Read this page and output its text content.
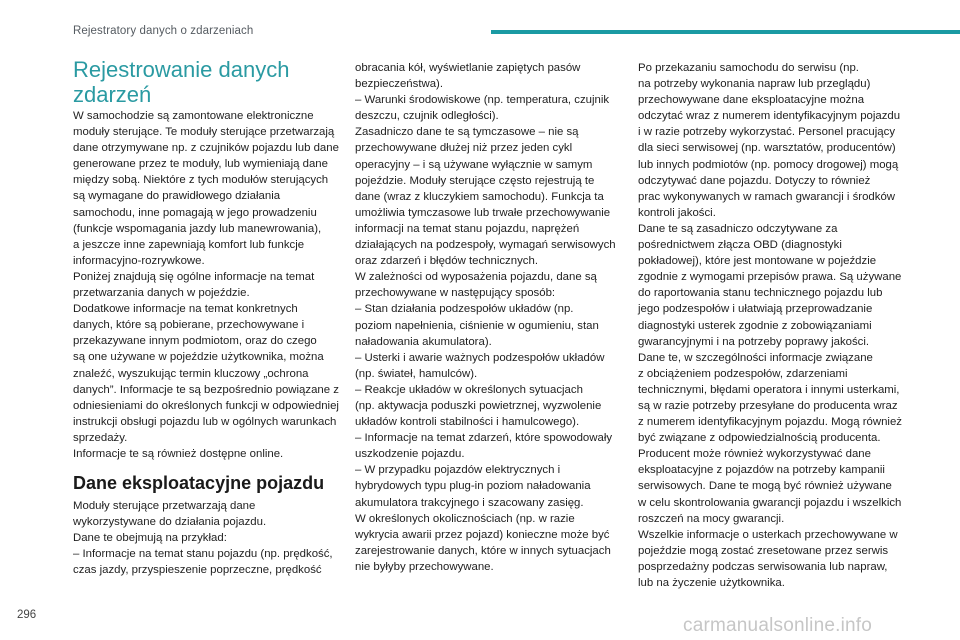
Rejestratory danych o zdarzeniach
Rejestrowanie danych
zdarzeń
W samochodzie są zamontowane elektroniczne
moduły sterujące. Te moduły sterujące przetwarzają
dane otrzymywane np. z czujników pojazdu lub dane
generowane przez te moduły, lub wymieniają dane
między sobą. Niektóre z tych modułów sterujących
są wymagane do prawidłowego działania
samochodu, inne pomagają w jego prowadzeniu
(funkcje wspomagania jazdy lub manewrowania),
a jeszcze inne zapewniają komfort lub funkcje
informacyjno-rozrywkowe.
Poniżej znajdują się ogólne informacje na temat
przetwarzania danych w pojeździe.
Dodatkowe informacje na temat konkretnych
danych, które są pobierane, przechowywane i
przekazywane innym podmiotom, oraz do czego
są one używane w pojeździe użytkownika, można
znaleźć, wyszukując termin kluczowy „ochrona
danych”. Informacje te są bezpośrednio powiązane z
odniesieniami do określonych funkcji w odpowiedniej
instrukcji obsługi pojazdu lub w ogólnych warunkach
sprzedaży.
Informacje te są również dostępne online.
Dane eksploatacyjne pojazdu
Moduły sterujące przetwarzają dane
wykorzystywane do działania pojazdu.
Dane te obejmują na przykład:
– Informacje na temat stanu pojazdu (np. prędkość,
czas jazdy, przyspieszenie poprzeczne, prędkość
obracania kół, wyświetlanie zapiętych pasów
bezpieczeństwa).
– Warunki środowiskowe (np. temperatura, czujnik
deszczu, czujnik odległości).
Zasadniczo dane te są tymczasowe – nie są
przechowywane dłużej niż przez jeden cykl
operacyjny – i są używane wyłącznie w samym
pojeździe. Moduły sterujące często rejestrują te
dane (wraz z kluczykiem samochodu). Funkcja ta
umożliwia tymczasowe lub trwałe przechowywanie
informacji na temat stanu pojazdu, naprężeń
działających na podzespoły, wymagań serwisowych
oraz zdarzeń i błędów technicznych.
W zależności od wyposażenia pojazdu, dane są
przechowywane w następujący sposób:
– Stan działania podzespołów układów (np.
poziom napełnienia, ciśnienie w ogumieniu, stan
naładowania akumulatora).
– Usterki i awarie ważnych podzespołów układów
(np. świateł, hamulców).
– Reakcje układów w określonych sytuacjach
(np. aktywacja poduszki powietrznej, wyzwolenie
układów kontroli stabilności i hamulcowego).
– Informacje na temat zdarzeń, które spowodowały
uszkodzenie pojazdu.
– W przypadku pojazdów elektrycznych i
hybrydowych typu plug-in poziom naładowania
akumulatora trakcyjnego i szacowany zasięg.
W określonych okolicznościach (np. w razie
wykrycia awarii przez pojazd) konieczne może być
zarejestrowanie danych, które w innych sytuacjach
nie byłyby przechowywane.
Po przekazaniu samochodu do serwisu (np.
na potrzeby wykonania napraw lub przeglądu)
przechowywane dane eksploatacyjne można
odczytać wraz z numerem identyfikacyjnym pojazdu
i w razie potrzeby wykorzystać. Personel pracujący
dla sieci serwisowej (np. warsztatów, producentów)
lub innych podmiotów (np. pomocy drogowej) mogą
odczytywać dane pojazdu. Dotyczy to również
prac wykonywanych w ramach gwarancji i środków
kontroli jakości.
Dane te są zasadniczo odczytywane za
pośrednictwem złącza OBD (diagnostyki
pokładowej), które jest montowane w pojeździe
zgodnie z wymogami przepisów prawa. Są używane
do raportowania stanu technicznego pojazdu lub
jego podzespołów i ułatwiają przeprowadzanie
diagnostyki usterek zgodnie z zobowiązaniami
gwarancyjnymi i na potrzeby poprawy jakości.
Dane te, w szczególności informacje związane
z obciążeniem podzespołów, zdarzeniami
technicznymi, błędami operatora i innymi usterkami,
są w razie potrzeby przesyłane do producenta wraz
z numerem identyfikacyjnym pojazdu. Mogą również
być związane z odpowiedzialnością producenta.
Producent może również wykorzystywać dane
eksploatacyjne z pojazdów na potrzeby kampanii
serwisowych. Dane te mogą być również używane
w celu skontrolowania gwarancji pojazdu i wszelkich
roszczeń na mocy gwarancji.
Wszelkie informacje o usterkach przechowywane w
pojeździe mogą zostać zresetowane przez serwis
posprzedażny podczas serwisowania lub napraw,
lub na życzenie użytkownika.
296	carmanualsonline.info
